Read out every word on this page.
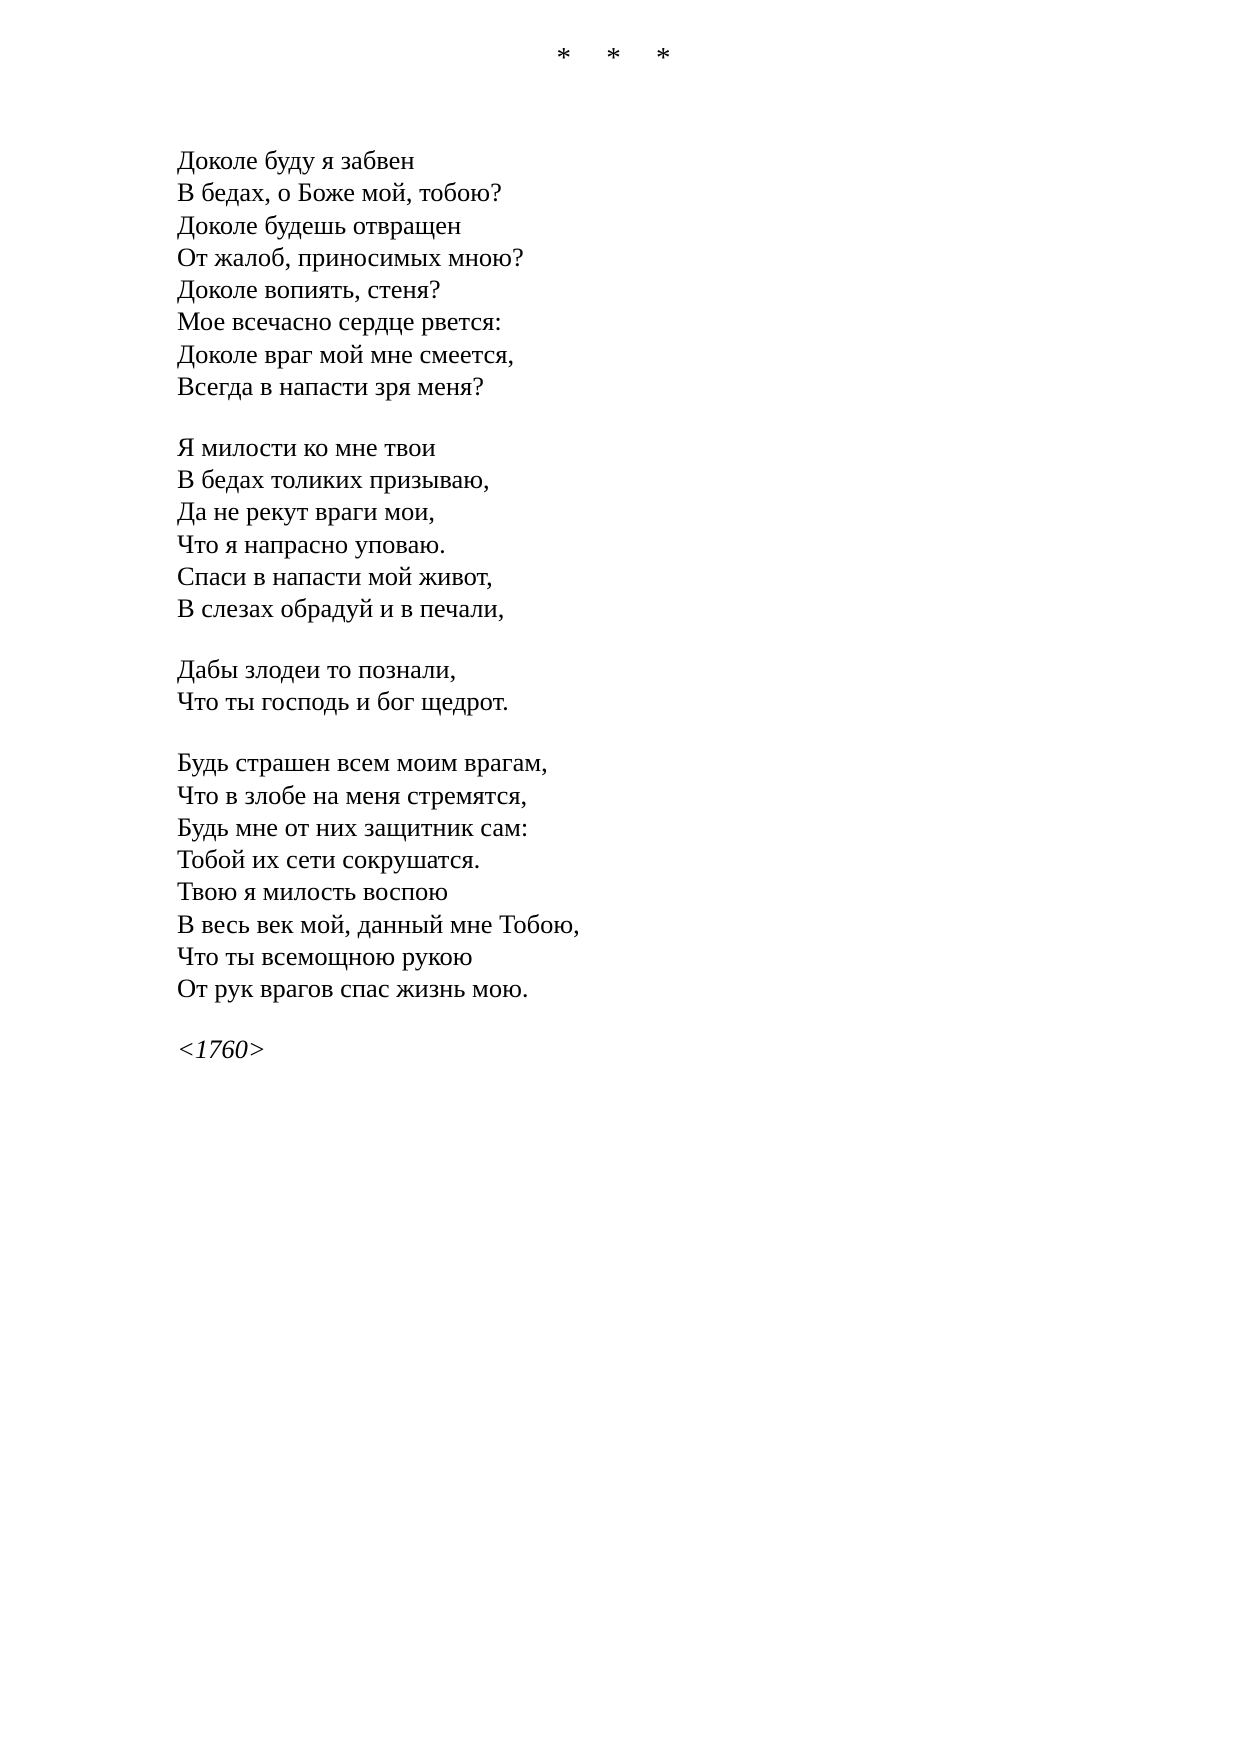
* * *
Доколе буду я забвен
В бедах, о Боже мой, тобою?
Доколе будешь отвращен
От жалоб, приносимых мною?
Доколе вопиять, стеня?
Мое всечасно сердце рвется:
Доколе враг мой мне смеется,
Всегда в напасти зря меня?
Я милости ко мне твои
В бедах толиких призываю,
Да не рекут враги мои,
Что я напрасно уповаю.
Спаси в напасти мой живот,
В слезах обрадуй и в печали,
Дабы злодеи то познали,
Что ты господь и бог щедрот.
Будь страшен всем моим врагам,
Что в злобе на меня стремятся,
Будь мне от них защитник сам:
Тобой их сети сокрушатся.
Твою я милость воспою
В весь век мой, данный мне Тобою,
Что ты всемощною рукою
От рук врагов спас жизнь мою.
<1760>
